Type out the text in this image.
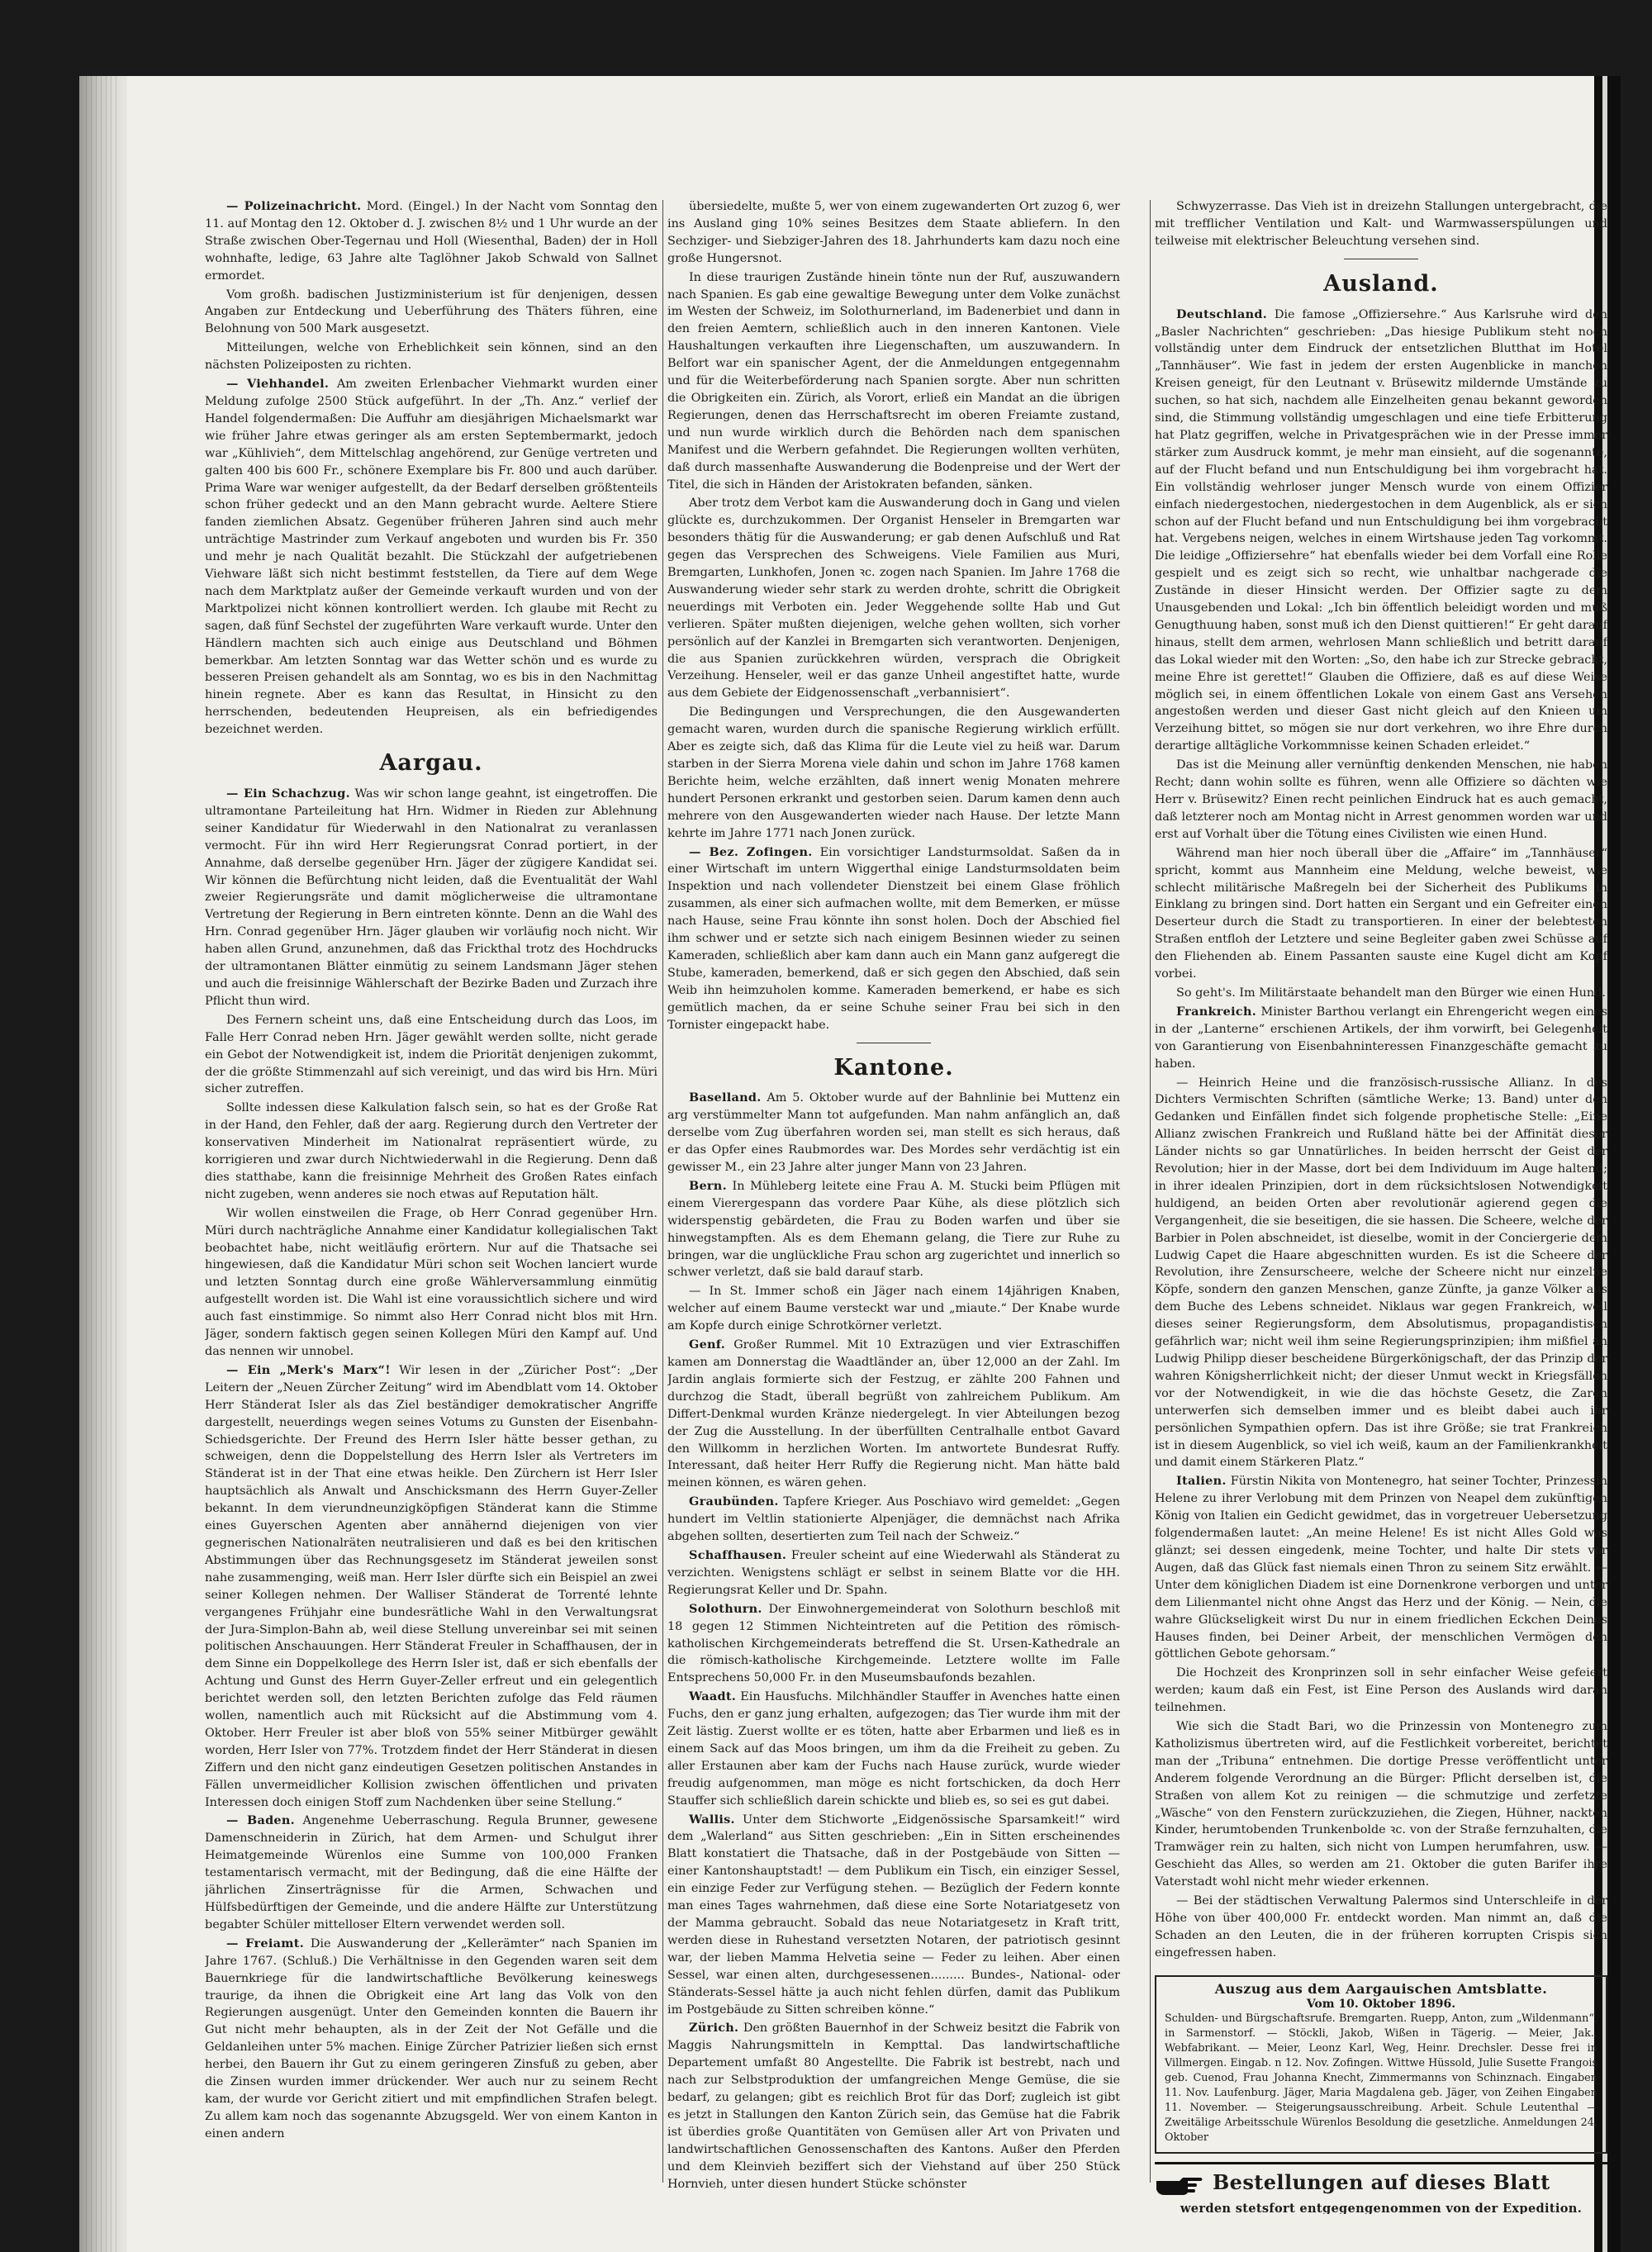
— Polizeinachricht. Mord. (Eingel.) In der Nacht vom Sonntag den 11. auf Montag den 12. Oktober d. J. zwischen 8½ und 1 Uhr wurde an der Straße zwischen Ober-Tegernau und Holl (Wiesenthal, Baden) der in Holl wohnhafte, ledige, 63 Jahre alte Taglöhner Jakob Schwald von Sallnet ermordet.
Vom großh. badischen Justizministerium ist für denjenigen, dessen Angaben zur Entdeckung und Ueberführung des Thäters führen, eine Belohnung von 500 Mark ausgesetzt.
Mitteilungen, welche von Erheblichkeit sein können, sind an den nächsten Polizeiposten zu richten.
— Viehhandel. Am zweiten Erlenbacher Viehmarkt wurden einer Meldung zufolge 2500 Stück aufgeführt. In der „Th. Anz.“ verlief der Handel folgendermaßen: Die Auffuhr am diesjährigen Michaelsmarkt war wie früher Jahre etwas geringer als am ersten Septembermarkt, jedoch war „Kühlivieh“, dem Mittelschlag angehörend, zur Genüge vertreten und galten 400 bis 600 Fr., schönere Exemplare bis Fr. 800 und auch darüber. Prima Ware war weniger aufgestellt, da der Bedarf derselben größtenteils schon früher gedeckt und an den Mann gebracht wurde. Aeltere Stiere fanden ziemlichen Absatz. Gegenüber früheren Jahren sind auch mehr unträchtige Mastrinder zum Verkauf angeboten und wurden bis Fr. 350 und mehr je nach Qualität bezahlt. Die Stückzahl der aufgetriebenen Viehware läßt sich nicht bestimmt feststellen, da Tiere auf dem Wege nach dem Marktplatz außer der Gemeinde verkauft wurden und von der Marktpolizei nicht können kontrolliert werden. Ich glaube mit Recht zu sagen, daß fünf Sechstel der zugeführten Ware verkauft wurde. Unter den Händlern machten sich auch einige aus Deutschland und Böhmen bemerkbar. Am letzten Sonntag war das Wetter schön und es wurde zu besseren Preisen gehandelt als am Sonntag, wo es bis in den Nachmittag hinein regnete. Aber es kann das Resultat, in Hinsicht zu den herrschenden, bedeutenden Heupreisen, als ein befriedigendes bezeichnet werden.
Aargau.
— Ein Schachzug. Was wir schon lange geahnt, ist eingetroffen. Die ultramontane Parteileitung hat Hrn. Widmer in Rieden zur Ablehnung seiner Kandidatur für Wiederwahl in den Nationalrat zu veranlassen vermocht. Für ihn wird Herr Regierungsrat Conrad portiert, in der Annahme, daß derselbe gegenüber Hrn. Jäger der zügigere Kandidat sei. Wir können die Befürchtung nicht leiden, daß die Eventualität der Wahl zweier Regierungsräte und damit möglicherweise die ultramontane Vertretung der Regierung in Bern eintreten könnte. Denn an die Wahl des Hrn. Conrad gegenüber Hrn. Jäger glauben wir vorläufig noch nicht. Wir haben allen Grund, anzunehmen, daß das Frickthal trotz des Hochdrucks der ultramontanen Blätter einmütig zu seinem Landsmann Jäger stehen und auch die freisinnige Wählerschaft der Bezirke Baden und Zurzach ihre Pflicht thun wird.
Des Fernern scheint uns, daß eine Entscheidung durch das Loos, im Falle Herr Conrad neben Hrn. Jäger gewählt werden sollte, nicht gerade ein Gebot der Notwendigkeit ist, indem die Priorität denjenigen zukommt, der die größte Stimmenzahl auf sich vereinigt, und das wird bis Hrn. Müri sicher zutreffen.
Sollte indessen diese Kalkulation falsch sein, so hat es der Große Rat in der Hand, den Fehler, daß der aarg. Regierung durch den Vertreter der konservativen Minderheit im Nationalrat repräsentiert würde, zu korrigieren und zwar durch Nichtwiederwahl in die Regierung. Denn daß dies statthabe, kann die freisinnige Mehrheit des Großen Rates einfach nicht zugeben, wenn anderes sie noch etwas auf Reputation hält.
Wir wollen einstweilen die Frage, ob Herr Conrad gegenüber Hrn. Müri durch nachträgliche Annahme einer Kandidatur kollegialischen Takt beobachtet habe, nicht weitläufig erörtern. Nur auf die Thatsache sei hingewiesen, daß die Kandidatur Müri schon seit Wochen lanciert wurde und letzten Sonntag durch eine große Wählerversammlung einmütig aufgestellt worden ist. Die Wahl ist eine voraussichtlich sichere und wird auch fast einstimmige. So nimmt also Herr Conrad nicht blos mit Hrn. Jäger, sondern faktisch gegen seinen Kollegen Müri den Kampf auf. Und das nennen wir unnobel.
— Ein „Merk's Marx“! Wir lesen in der „Züricher Post“: „Der Leitern der „Neuen Zürcher Zeitung“ wird im Abendblatt vom 14. Oktober Herr Ständerat Isler als das Ziel beständiger demokratischer Angriffe dargestellt, neuerdings wegen seines Votums zu Gunsten der Eisenbahn-Schiedsgerichte. Der Freund des Herrn Isler hätte besser gethan, zu schweigen, denn die Doppelstellung des Herrn Isler als Vertreters im Ständerat ist in der That eine etwas heikle. Den Zürchern ist Herr Isler hauptsächlich als Anwalt und Anschicksmann des Herrn Guyer-Zeller bekannt. In dem vierundneunzigköpfigen Ständerat kann die Stimme eines Guyerschen Agenten aber annähernd diejenigen von vier gegnerischen Nationalräten neutralisieren und daß es bei den kritischen Abstimmungen über das Rechnungsgesetz im Ständerat jeweilen sonst nahe zusammenging, weiß man. Herr Isler dürfte sich ein Beispiel an zwei seiner Kollegen nehmen. Der Walliser Ständerat de Torrenté lehnte vergangenes Frühjahr eine bundesrätliche Wahl in den Verwaltungsrat der Jura-Simplon-Bahn ab, weil diese Stellung unvereinbar sei mit seinen politischen Anschauungen. Herr Ständerat Freuler in Schaffhausen, der in dem Sinne ein Doppelkollege des Herrn Isler ist, daß er sich ebenfalls der Achtung und Gunst des Herrn Guyer-Zeller erfreut und ein gelegentlich berichtet werden soll, den letzten Berichten zufolge das Feld räumen wollen, namentlich auch mit Rücksicht auf die Abstimmung vom 4. Oktober. Herr Freuler ist aber bloß von 55% seiner Mitbürger gewählt worden, Herr Isler von 77%. Trotzdem findet der Herr Ständerat in diesen Ziffern und den nicht ganz eindeutigen Gesetzen politischen Anstandes in Fällen unvermeidlicher Kollision zwischen öffentlichen und privaten Interessen doch einigen Stoff zum Nachdenken über seine Stellung.“
— Baden. Angenehme Ueberraschung. Regula Brunner, gewesene Damenschneiderin in Zürich, hat dem Armen- und Schulgut ihrer Heimatgemeinde Würenlos eine Summe von 100,000 Franken testamentarisch vermacht, mit der Bedingung, daß die eine Hälfte der jährlichen Zinserträgnisse für die Armen, Schwachen und Hülfsbedürftigen der Gemeinde, und die andere Hälfte zur Unterstützung begabter Schüler mittelloser Eltern verwendet werden soll.
— Freiamt. Die Auswanderung der „Kellerämter“ nach Spanien im Jahre 1767. (Schluß.) Die Verhältnisse in den Gegenden waren seit dem Bauernkriege für die landwirtschaftliche Bevölkerung keineswegs traurige, da ihnen die Obrigkeit eine Art lang das Volk von den Regierungen ausgenügt. Unter den Gemeinden konnten die Bauern ihr Gut nicht mehr behaupten, als in der Zeit der Not Gefälle und die Geldanleihen unter 5% machen. Einige Zürcher Patrizier ließen sich ernst herbei, den Bauern ihr Gut zu einem geringeren Zinsfuß zu geben, aber die Zinsen wurden immer drückender. Wer auch nur zu seinem Recht kam, der wurde vor Gericht zitiert und mit empfindlichen Strafen belegt. Zu allem kam noch das sogenannte Abzugsgeld. Wer von einem Kanton in einen andern
übersiedelte, mußte 5, wer von einem zugewanderten Ort zuzog 6, wer ins Ausland ging 10% seines Besitzes dem Staate abliefern. In den Sechziger- und Siebziger-Jahren des 18. Jahrhunderts kam dazu noch eine große Hungersnot.
In diese traurigen Zustände hinein tönte nun der Ruf, auszuwandern nach Spanien. Es gab eine gewaltige Bewegung unter dem Volke zunächst im Westen der Schweiz, im Solothurnerland, im Badenerbiet und dann in den freien Aemtern, schließlich auch in den inneren Kantonen. Viele Haushaltungen verkauften ihre Liegenschaften, um auszuwandern. In Belfort war ein spanischer Agent, der die Anmeldungen entgegennahm und für die Weiterbeförderung nach Spanien sorgte. Aber nun schritten die Obrigkeiten ein. Zürich, als Vorort, erließ ein Mandat an die übrigen Regierungen, denen das Herrschaftsrecht im oberen Freiamte zustand, und nun wurde wirklich durch die Behörden nach dem spanischen Manifest und die Werbern gefahndet. Die Regierungen wollten verhüten, daß durch massenhafte Auswanderung die Bodenpreise und der Wert der Titel, die sich in Händen der Aristokraten befanden, sänken.
Aber trotz dem Verbot kam die Auswanderung doch in Gang und vielen glückte es, durchzukommen. Der Organist Henseler in Bremgarten war besonders thätig für die Auswanderung; er gab denen Aufschluß und Rat gegen das Versprechen des Schweigens. Viele Familien aus Muri, Bremgarten, Lunkhofen, Jonen ꝛc. zogen nach Spanien. Im Jahre 1768 die Auswanderung wieder sehr stark zu werden drohte, schritt die Obrigkeit neuerdings mit Verboten ein. Jeder Weggehende sollte Hab und Gut verlieren. Später mußten diejenigen, welche gehen wollten, sich vorher persönlich auf der Kanzlei in Bremgarten sich verantworten. Denjenigen, die aus Spanien zurückkehren würden, versprach die Obrigkeit Verzeihung. Henseler, weil er das ganze Unheil angestiftet hatte, wurde aus dem Gebiete der Eidgenossenschaft „verbannisiert“.
Die Bedingungen und Versprechungen, die den Ausgewanderten gemacht waren, wurden durch die spanische Regierung wirklich erfüllt. Aber es zeigte sich, daß das Klima für die Leute viel zu heiß war. Darum starben in der Sierra Morena viele dahin und schon im Jahre 1768 kamen Berichte heim, welche erzählten, daß innert wenig Monaten mehrere hundert Personen erkrankt und gestorben seien. Darum kamen denn auch mehrere von den Ausgewanderten wieder nach Hause. Der letzte Mann kehrte im Jahre 1771 nach Jonen zurück.
— Bez. Zofingen. Ein vorsichtiger Landsturmsoldat. Saßen da in einer Wirtschaft im untern Wiggerthal einige Landsturmsoldaten beim Inspektion und nach vollendeter Dienstzeit bei einem Glase fröhlich zusammen, als einer sich aufmachen wollte, mit dem Bemerken, er müsse nach Hause, seine Frau könnte ihn sonst holen. Doch der Abschied fiel ihm schwer und er setzte sich nach einigem Besinnen wieder zu seinen Kameraden, schließlich aber kam dann auch ein Mann ganz aufgeregt die Stube, kameraden, bemerkend, daß er sich gegen den Abschied, daß sein Weib ihn heimzuholen komme. Kameraden bemerkend, er habe es sich gemütlich machen, da er seine Schuhe seiner Frau bei sich in den Tornister eingepackt habe.
Kantone.
Baselland. Am 5. Oktober wurde auf der Bahnlinie bei Muttenz ein arg verstümmelter Mann tot aufgefunden. Man nahm anfänglich an, daß derselbe vom Zug überfahren worden sei, man stellt es sich heraus, daß er das Opfer eines Raubmordes war. Des Mordes sehr verdächtig ist ein gewisser M., ein 23 Jahre alter junger Mann von 23 Jahren.
Bern. In Mühleberg leitete eine Frau A. M. Stucki beim Pflügen mit einem Vierergespann das vordere Paar Kühe, als diese plötzlich sich widerspenstig gebärdeten, die Frau zu Boden warfen und über sie hinwegstampften. Als es dem Ehemann gelang, die Tiere zur Ruhe zu bringen, war die unglückliche Frau schon arg zugerichtet und innerlich so schwer verletzt, daß sie bald darauf starb.
— In St. Immer schoß ein Jäger nach einem 14jährigen Knaben, welcher auf einem Baume versteckt war und „miaute.“ Der Knabe wurde am Kopfe durch einige Schrotkörner verletzt.
Genf. Großer Rummel. Mit 10 Extrazügen und vier Extraschiffen kamen am Donnerstag die Waadtländer an, über 12,000 an der Zahl. Im Jardin anglais formierte sich der Festzug, er zählte 200 Fahnen und durchzog die Stadt, überall begrüßt von zahlreichem Publikum. Am Differt-Denkmal wurden Kränze niedergelegt. In vier Abteilungen bezog der Zug die Ausstellung. In der überfüllten Centralhalle entbot Gavard den Willkomm in herzlichen Worten. Im antwortete Bundesrat Ruffy. Interessant, daß heiter Herr Ruffy die Regierung nicht. Man hätte bald meinen können, es wären gehen.
Graubünden. Tapfere Krieger. Aus Poschiavo wird gemeldet: „Gegen hundert im Veltlin stationierte Alpenjäger, die demnächst nach Afrika abgehen sollten, desertierten zum Teil nach der Schweiz.“
Schaffhausen. Freuler scheint auf eine Wiederwahl als Ständerat zu verzichten. Wenigstens schlägt er selbst in seinem Blatte vor die HH. Regierungsrat Keller und Dr. Spahn.
Solothurn. Der Einwohnergemeinderat von Solothurn beschloß mit 18 gegen 12 Stimmen Nichteintreten auf die Petition des römisch-katholischen Kirchgemeinderats betreffend die St. Ursen-Kathedrale an die römisch-katholische Kirchgemeinde. Letztere wollte im Falle Entsprechens 50,000 Fr. in den Museumsbaufonds bezahlen.
Waadt. Ein Hausfuchs. Milchhändler Stauffer in Avenches hatte einen Fuchs, den er ganz jung erhalten, aufgezogen; das Tier wurde ihm mit der Zeit lästig. Zuerst wollte er es töten, hatte aber Erbarmen und ließ es in einem Sack auf das Moos bringen, um ihm da die Freiheit zu geben. Zu aller Erstaunen aber kam der Fuchs nach Hause zurück, wurde wieder freudig aufgenommen, man möge es nicht fortschicken, da doch Herr Stauffer sich schließlich darein schickte und blieb es, so sei es gut dabei.
Wallis. Unter dem Stichworte „Eidgenössische Sparsamkeit!“ wird dem „Walerland“ aus Sitten geschrieben: „Ein in Sitten erscheinendes Blatt konstatiert die Thatsache, daß in der Postgebäude von Sitten — einer Kantonshauptstadt! — dem Publikum ein Tisch, ein einziger Sessel, ein einzige Feder zur Verfügung stehen. — Bezüglich der Federn konnte man eines Tages wahrnehmen, daß diese eine Sorte Notariatgesetz von der Mamma gebraucht. Sobald das neue Notariatgesetz in Kraft tritt, werden diese in Ruhestand versetzten Notaren, der patriotisch gesinnt war, der lieben Mamma Helvetia seine — Feder zu leihen. Aber einen Sessel, war einen alten, durchgesessenen......... Bundes-, National- oder Ständerats-Sessel hätte ja auch nicht fehlen dürfen, damit das Publikum im Postgebäude zu Sitten schreiben könne.“
Zürich. Den größten Bauernhof in der Schweiz besitzt die Fabrik von Maggis Nahrungsmitteln in Kempttal. Das landwirtschaftliche Departement umfaßt 80 Angestellte. Die Fabrik ist bestrebt, nach und nach zur Selbstproduktion der umfangreichen Menge Gemüse, die sie bedarf, zu gelangen; gibt es reichlich Brot für das Dorf; zugleich ist gibt es jetzt in Stallungen den Kanton Zürich sein, das Gemüse hat die Fabrik ist überdies große Quantitäten von Gemüsen aller Art von Privaten und landwirtschaftlichen Genossenschaften des Kantons. Außer den Pferden und dem Kleinvieh beziffert sich der Viehstand auf über 250 Stück Hornvieh, unter diesen hundert Stücke schönster
Schwyzerrasse. Das Vieh ist in dreizehn Stallungen untergebracht, die mit trefflicher Ventilation und Kalt- und Warmwasserspülungen und teilweise mit elektrischer Beleuchtung versehen sind.
Ausland.
Deutschland. Die famose „Offiziersehre.“ Aus Karlsruhe wird den „Basler Nachrichten“ geschrieben: „Das hiesige Publikum steht noch vollständig unter dem Eindruck der entsetzlichen Blutthat im Hotel „Tannhäuser“. Wie fast in jedem der ersten Augenblicke in manchen Kreisen geneigt, für den Leutnant v. Brüsewitz mildernde Umstände zu suchen, so hat sich, nachdem alle Einzelheiten genau bekannt geworden sind, die Stimmung vollständig umgeschlagen und eine tiefe Erbitterung hat Platz gegriffen, welche in Privatgesprächen wie in der Presse immer stärker zum Ausdruck kommt, je mehr man einsieht, auf die sogenannte, auf der Flucht befand und nun Entschuldigung bei ihm vorgebracht hat. Ein vollständig wehrloser junger Mensch wurde von einem Offizier einfach niedergestochen, niedergestochen in dem Augenblick, als er sich schon auf der Flucht befand und nun Entschuldigung bei ihm vorgebracht hat. Vergebens neigen, welches in einem Wirtshause jeden Tag vorkommt. Die leidige „Offiziersehre“ hat ebenfalls wieder bei dem Vorfall eine Rolle gespielt und es zeigt sich so recht, wie unhaltbar nachgerade die Zustände in dieser Hinsicht werden. Der Offizier sagte zu dem Unausgebenden und Lokal: „Ich bin öffentlich beleidigt worden und muß Genugthuung haben, sonst muß ich den Dienst quittieren!“ Er geht darauf hinaus, stellt dem armen, wehrlosen Mann schließlich und betritt darauf das Lokal wieder mit den Worten: „So, den habe ich zur Strecke gebracht, meine Ehre ist gerettet!“ Glauben die Offiziere, daß es auf diese Weise möglich sei, in einem öffentlichen Lokale von einem Gast ans Versehen angestoßen werden und dieser Gast nicht gleich auf den Knieen um Verzeihung bittet, so mögen sie nur dort verkehren, wo ihre Ehre durch derartige alltägliche Vorkommnisse keinen Schaden erleidet.“
Das ist die Meinung aller vernünftig denkenden Menschen, nie haben Recht; dann wohin sollte es führen, wenn alle Offiziere so dächten wie Herr v. Brüsewitz? Einen recht peinlichen Eindruck hat es auch gemacht, daß letzterer noch am Montag nicht in Arrest genommen worden war und erst auf Vorhalt über die Tötung eines Civilisten wie einen Hund.
Während man hier noch überall über die „Affaire“ im „Tannhäuser“ spricht, kommt aus Mannheim eine Meldung, welche beweist, wie schlecht militärische Maßregeln bei der Sicherheit des Publikums in Einklang zu bringen sind. Dort hatten ein Sergant und ein Gefreiter einen Deserteur durch die Stadt zu transportieren. In einer der belebtesten Straßen entfloh der Letztere und seine Begleiter gaben zwei Schüsse auf den Fliehenden ab. Einem Passanten sauste eine Kugel dicht am Kopf vorbei.
So geht's. Im Militärstaate behandelt man den Bürger wie einen Hund.
Frankreich. Minister Barthou verlangt ein Ehrengericht wegen eines in der „Lanterne“ erschienen Artikels, der ihm vorwirft, bei Gelegenheit von Garantierung von Eisenbahninteressen Finanzgeschäfte gemacht zu haben.
— Heinrich Heine und die französisch-russische Allianz. In des Dichters Vermischten Schriften (sämtliche Werke; 13. Band) unter den Gedanken und Einfällen findet sich folgende prophetische Stelle: „Eine Allianz zwischen Frankreich und Rußland hätte bei der Affinität dieser Länder nichts so gar Unnatürliches. In beiden herrscht der Geist der Revolution; hier in der Masse, dort bei dem Individuum im Auge haltend; in ihrer idealen Prinzipien, dort in dem rücksichtslosen Notwendigkeit huldigend, an beiden Orten aber revolutionär agierend gegen die Vergangenheit, die sie beseitigen, die sie hassen. Die Scheere, welche der Barbier in Polen abschneidet, ist dieselbe, womit in der Conciergerie dem Ludwig Capet die Haare abgeschnitten wurden. Es ist die Scheere der Revolution, ihre Zensurscheere, welche der Scheere nicht nur einzelne Köpfe, sondern den ganzen Menschen, ganze Zünfte, ja ganze Völker aus dem Buche des Lebens schneidet. Niklaus war gegen Frankreich, weil dieses seiner Regierungsform, dem Absolutismus, propagandistisch gefährlich war; nicht weil ihm seine Regierungsprinzipien; ihm mißfiel an Ludwig Philipp dieser bescheidene Bürgerkönigschaft, der das Prinzip der wahren Königsherrlichkeit nicht; der dieser Unmut weckt in Kriegsfällen vor der Notwendigkeit, in wie die das höchste Gesetz, die Zaren unterwerfen sich demselben immer und es bleibt dabei auch ihr persönlichen Sympathien opfern. Das ist ihre Größe; sie trat Frankreich ist in diesem Augenblick, so viel ich weiß, kaum an der Familienkrankheit und damit einem Stärkeren Platz.“
Italien. Fürstin Nikita von Montenegro, hat seiner Tochter, Prinzessin Helene zu ihrer Verlobung mit dem Prinzen von Neapel dem zukünftigen König von Italien ein Gedicht gewidmet, das in vorgetreuer Uebersetzung folgendermaßen lautet: „An meine Helene! Es ist nicht Alles Gold was glänzt; sei dessen eingedenk, meine Tochter, und halte Dir stets vor Augen, daß das Glück fast niemals einen Thron zu seinem Sitz erwählt. — Unter dem königlichen Diadem ist eine Dornenkrone verborgen und unter dem Lilienmantel nicht ohne Angst das Herz und der König. — Nein, die wahre Glückseligkeit wirst Du nur in einem friedlichen Eckchen Deines Hauses finden, bei Deiner Arbeit, der menschlichen Vermögen den göttlichen Gebote gehorsam.“
Die Hochzeit des Kronprinzen soll in sehr einfacher Weise gefeiert werden; kaum daß ein Fest, ist Eine Person des Auslands wird daran teilnehmen.
Wie sich die Stadt Bari, wo die Prinzessin von Montenegro zum Katholizismus übertreten wird, auf die Festlichkeit vorbereitet, berichtet man der „Tribuna“ entnehmen. Die dortige Presse veröffentlicht unter Anderem folgende Verordnung an die Bürger: Pflicht derselben ist, die Straßen von allem Kot zu reinigen — die schmutzige und zerfetzte „Wäsche“ von den Fenstern zurückzuziehen, die Ziegen, Hühner, nackten Kinder, herumtobenden Trunkenbolde ꝛc. von der Straße fernzuhalten, die Tramwäger rein zu halten, sich nicht von Lumpen herumfahren, usw. — Geschieht das Alles, so werden am 21. Oktober die guten Barifer ihre Vaterstadt wohl nicht mehr wieder erkennen.
— Bei der städtischen Verwaltung Palermos sind Unterschleife in der Höhe von über 400,000 Fr. entdeckt worden. Man nimmt an, daß die Schaden an den Leuten, die in der früheren korrupten Crispis sich eingefressen haben.
Auszug aus dem Aargauischen Amtsblatte.
Vom 10. Oktober 1896.
Schulden- und Bürgschaftsrufe. Bremgarten. Ruepp, Anton, zum „Wildenmann“, in Sarmenstorf. — Stöckli, Jakob, Wißen in Tägerig. — Meier, Jak., Webfabrikant. — Meier, Leonz Karl, Weg, Heinr. Drechsler. Desse frei in Villmergen. Eingab. n 12. Nov. Zofingen. Wittwe Hüssold, Julie Susette Frangois geb. Cuenod, Frau Johanna Knecht, Zimmermanns von Schinznach. Eingaben 11. Nov. Laufenburg. Jäger, Maria Magdalena geb. Jäger, von Zeihen Eingaben 11. November. — Steigerungsausschreibung. Arbeit. Schule Leutenthal — Zweitälige Arbeitsschule Würenlos Besoldung die gesetzliche. Anmeldungen 24. Oktober
Bestellungen auf dieses Blatt
werden stetsfort entgegengenommen von der Expedition.
